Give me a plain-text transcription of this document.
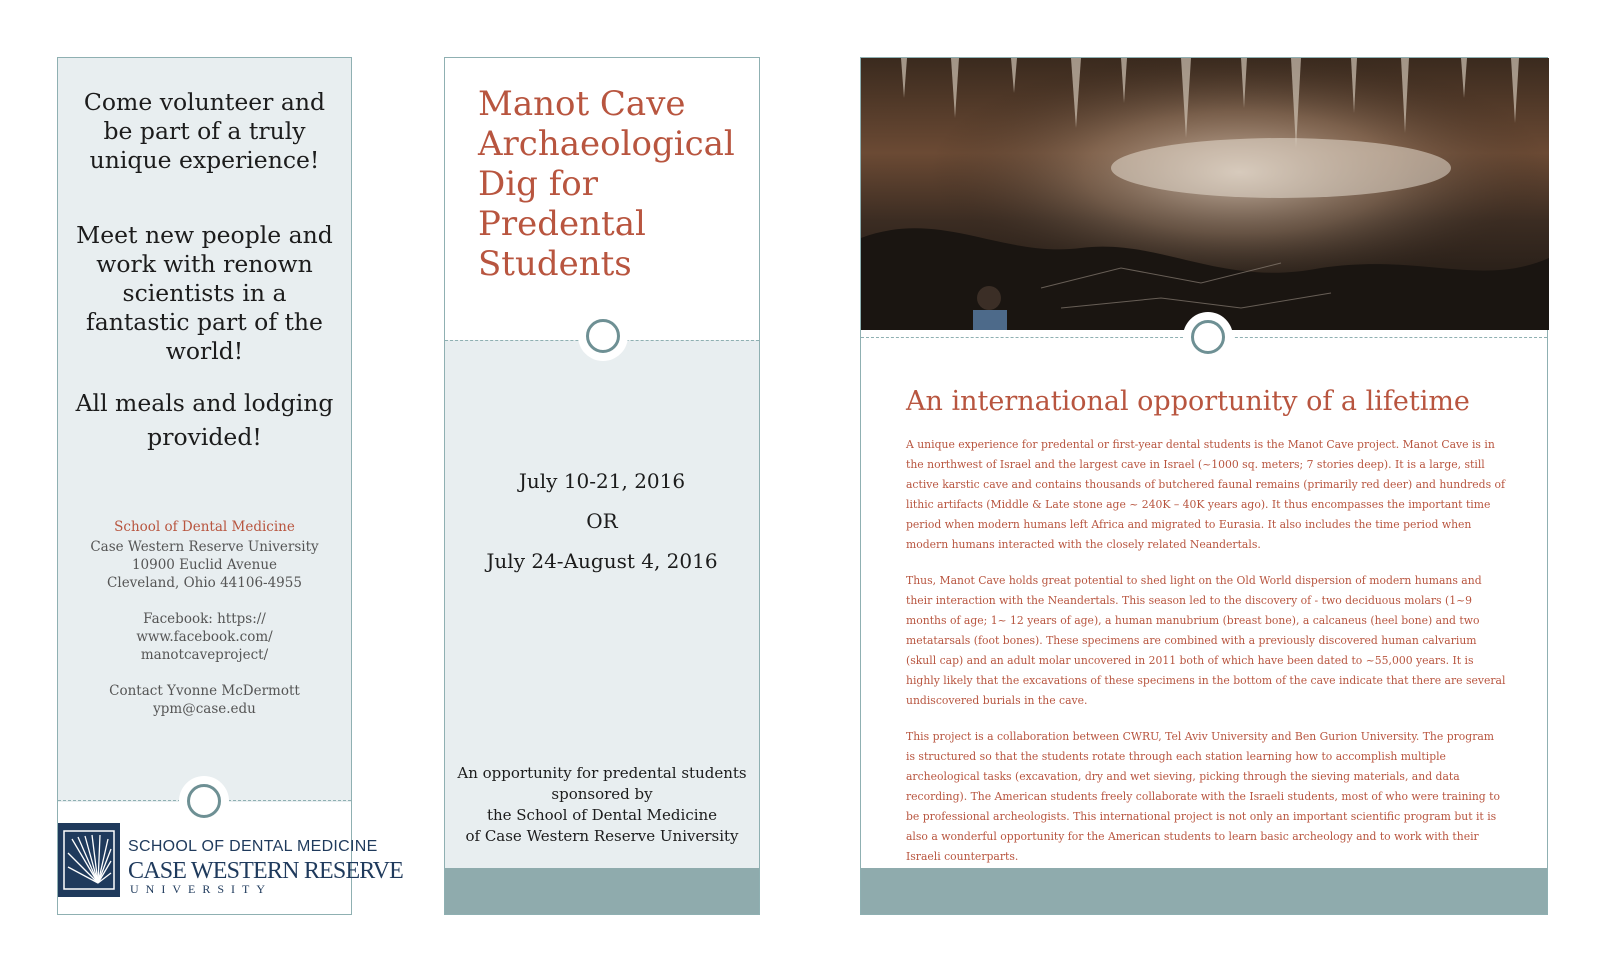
Come volunteer and be part of a truly unique experience!
Meet new people and work with renown scientists in a fantastic part of the world!
All meals and lodging provided!
School of Dental Medicine
Case Western Reserve University
10900 Euclid Avenue
Cleveland, Ohio 44106-4955
Facebook: https://
www.facebook.com/
manotcaveproject/
Contact Yvonne McDermott
ypm@case.edu
SCHOOL OF DENTAL MEDICINE
CASE WESTERN RESERVE
UNIVERSITY
Manot Cave Archaeological Dig for Predental Students
July 10-21, 2016
OR
July 24-August 4, 2016
An opportunity for predental students
sponsored by
the School of Dental Medicine
of Case Western Reserve University
An international opportunity of a lifetime

A unique experience for predental or first-year dental students is the Manot Cave project. Manot Cave is in the northwest of Israel and the largest cave in Israel (~1000 sq. meters; 7 stories deep). It is a large, still active karstic cave and contains thousands of butchered faunal remains (primarily red deer) and hundreds of lithic artifacts (Middle & Late stone age ~ 240K – 40K years ago). It thus encompasses the important time period when modern humans left Africa and migrated to Eurasia. It also includes the time period when modern humans interacted with the closely related Neandertals.

Thus, Manot Cave holds great potential to shed light on the Old World dispersion of modern humans and their interaction with the Neandertals. This season led to the discovery of - two deciduous molars (1~9 months of age; 1~ 12 years of age), a human manubrium (breast bone), a calcaneus (heel bone) and two metatarsals (foot bones). These specimens are combined with a previously discovered human calvarium (skull cap) and an adult molar uncovered in 2011 both of which have been dated to ~55,000 years. It is highly likely that the excavations of these specimens in the bottom of the cave indicate that there are several undiscovered burials in the cave.

This project is a collaboration between CWRU, Tel Aviv University and Ben Gurion University. The program is structured so that the students rotate through each station learning how to accomplish multiple archeological tasks (excavation, dry and wet sieving, picking through the sieving materials, and data recording). The American students freely collaborate with the Israeli students, most of who were training to be professional archeologists. This international project is not only an important scientific program but it is also a wonderful opportunity for the American students to learn basic archeology and to work with their Israeli counterparts.
